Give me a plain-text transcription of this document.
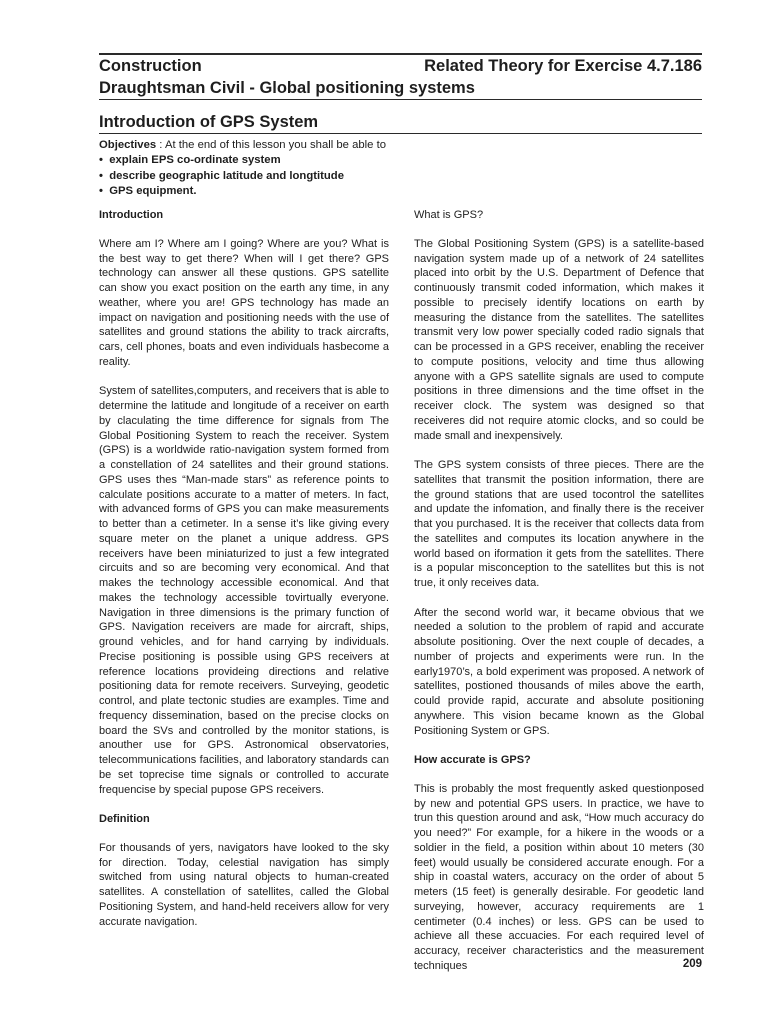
Construction	Related Theory for Exercise 4.7.186
Draughtsman Civil - Global positioning systems
Introduction of GPS System

Objectives : At the end of this lesson you shall be able to

•  explain EPS co-ordinate system
•  describe geographic latitude and longtitude
•  GPS equipment.
Introduction

Where am I? Where am I going? Where are you? What is the best way to get there? When will I get there? GPS technology can answer all these qustions. GPS satellite can show you exact position on the earth any time, in any weather, where you are! GPS technology has made an impact on navigation and positioning needs with the use of satellites and ground stations the ability to track aircrafts, cars, cell phones, boats and even individuals hasbecome a reality.

System of satellites,computers, and receivers that is able to determine the latitude and longitude of a receiver on earth by claculating the time difference for signals from The Global Positioning System to reach the receiver. System (GPS) is a worldwide ratio-navigation system formed from a constellation of 24 satellites and their ground stations. GPS uses thes “Man-made stars” as reference points to calculate positions accurate to a matter of meters. In fact, with advanced forms of GPS you can make measurements to better than a cetimeter. In a sense it’s like giving every square meter on the planet a unique address. GPS receivers have been miniaturized to just a few integrated circuits and so are becoming very economical. And that makes the technology accessible economical. And that makes the technology accessible tovirtually everyone. Navigation in three dimensions is the primary function of GPS. Navigation receivers are made for aircraft, ships, ground vehicles, and for hand carrying by individuals. Precise positioning is possible using GPS receivers at reference locations provideing directions and relative positioning data for remote receivers. Surveying, geodetic control, and plate tectonic studies are examples. Time and frequency dissemination, based on the precise clocks on board the SVs and controlled by the monitor stations, is anouther use for GPS. Astronomical observatories, telecommunications facilities, and laboratory standards can be set toprecise time signals or controlled to accurate frequencise by special pupose GPS receivers.

Definition

For thousands of yers, navigators have looked to the sky for direction. Today, celestial navigation has simply switched from using natural objects to human-created satellites. A constellation of satellites, called the Global Positioning System, and hand-held receivers allow for very accurate navigation.

What is GPS?

The Global Positioning System (GPS) is a satellite-based navigation system made up of a network of 24 satellites placed into orbit by the U.S. Department of Defence that continuously transmit coded information, which makes it possible to precisely identify locations on earth by measuring the distance from the satellites. The satellites transmit very low power specially coded radio signals that can be processed in a GPS receiver, enabling the receiver to compute positions, velocity and time thus allowing anyone with a GPS satellite signals are used to compute positions in three dimensions and the time offset in the receiver clock. The system was designed so that receiveres did not require atomic clocks, and so could be made small and inexpensively.

The GPS system consists of three pieces. There are the satellites that transmit the position information, there are the ground stations that are used tocontrol the satellites and update the infomation, and finally there is the receiver that you purchased. It is the receiver that collects data from the satellites and computes its location anywhere in the world based on iformation it gets from the satellites. There is a popular misconception to the satellites but this is not true, it only receives data.

After the second world war, it became obvious that we needed a solution to the problem of rapid and accurate absolute positioning. Over the next couple of decades, a number of projects and experiments were run. In the early1970’s, a bold experiment was proposed. A network of satellites, postioned thousands of miles above the earth, could provide rapid, accurate and absolute positioning anywhere. This vision became known as the Global Positioning System or GPS.

How accurate is GPS?

This is probably the most frequently asked questionposed by new and potential GPS users. In practice, we have to trun this question around and ask, “How much accuracy do you need?” For example, for a hikere in the woods or a soldier in the field, a position within about 10 meters (30 feet) would usually be considered accurate enough. For a ship in coastal waters, accuracy on the order of about 5 meters (15 feet) is generally desirable. For geodetic land surveying, however, accuracy requirements are 1 centimeter (0.4 inches) or less. GPS can be used to achieve all these accuacies. For each required level of accuracy, receiver characteristics and the measurement techniques	209
